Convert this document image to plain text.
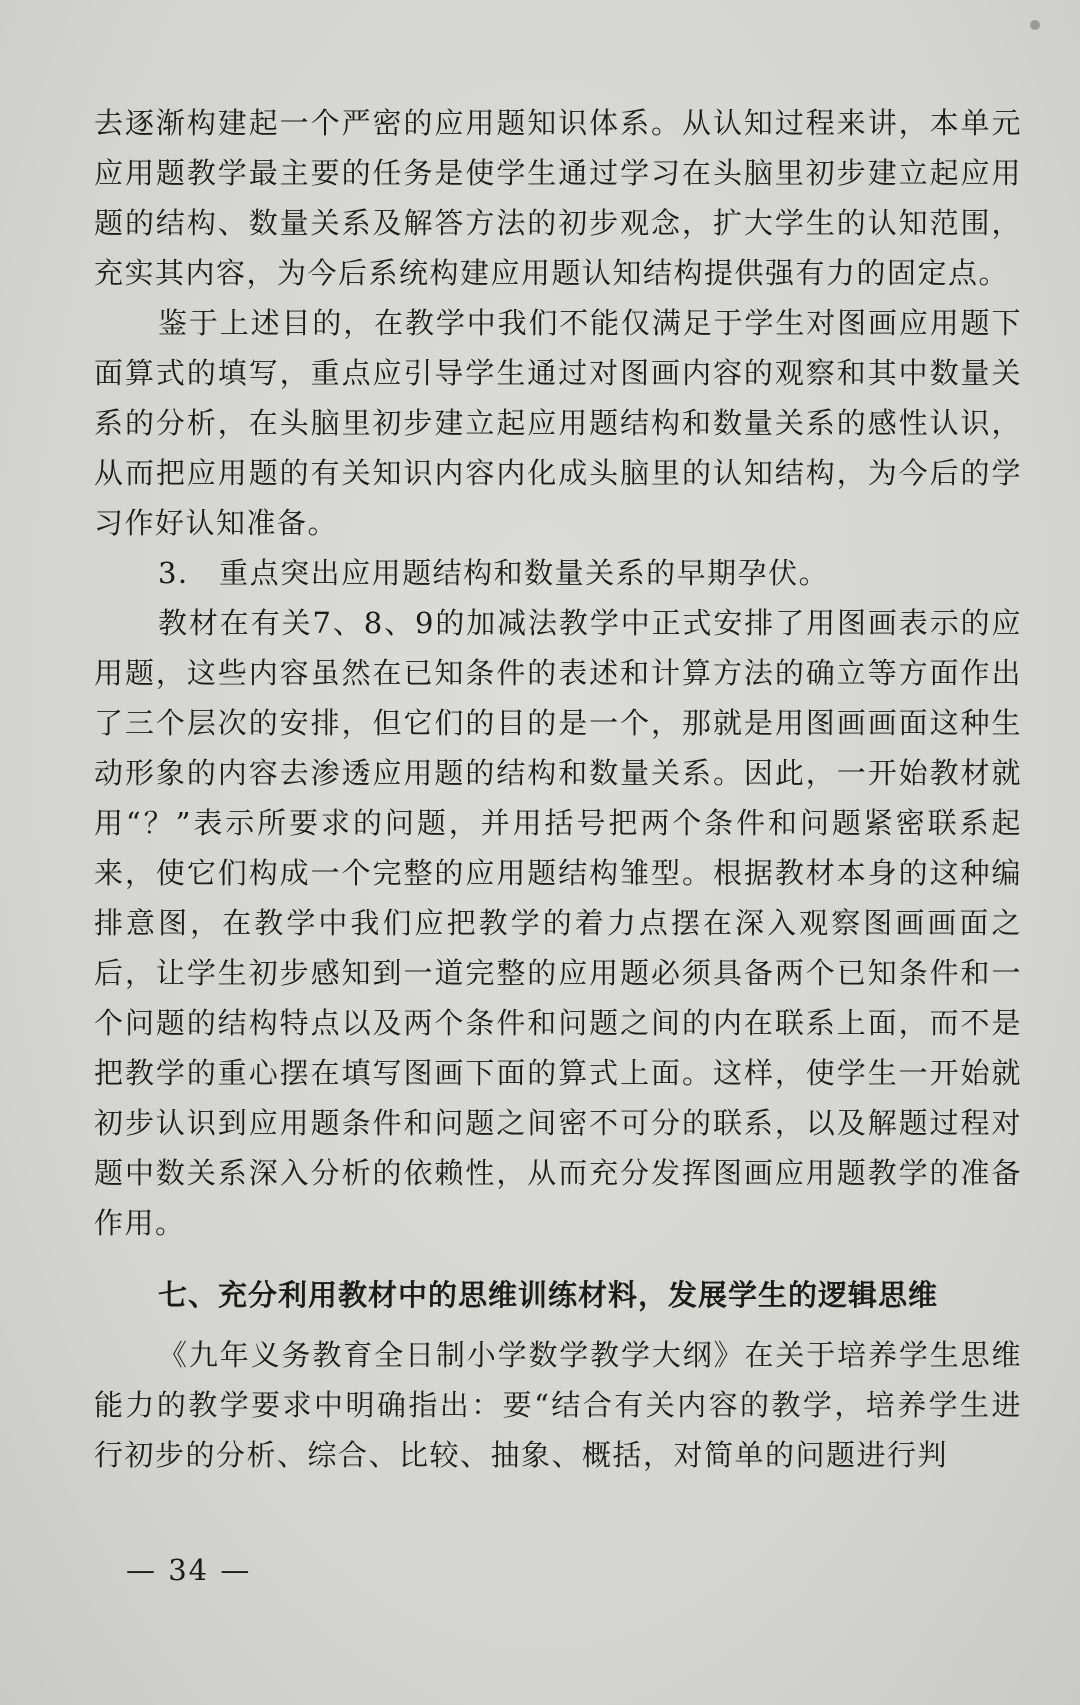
去逐渐构建起一个严密的应用题知识体系。从认知过程来讲，本单元应用题教学最主要的任务是使学生通过学习在头脑里初步建立起应用题的结构、数量关系及解答方法的初步观念，扩大学生的认知范围，充实其内容，为今后系统构建应用题认知结构提供强有力的固定点。

鉴于上述目的，在教学中我们不能仅满足于学生对图画应用题下面算式的填写，重点应引导学生通过对图画内容的观察和其中数量关系的分析，在头脑里初步建立起应用题结构和数量关系的感性认识，从而把应用题的有关知识内容内化成头脑里的认知结构，为今后的学习作好认知准备。

3． 重点突出应用题结构和数量关系的早期孕伏。

教材在有关7、8、9的加减法教学中正式安排了用图画表示的应用题，这些内容虽然在已知条件的表述和计算方法的确立等方面作出了三个层次的安排，但它们的目的是一个，那就是用图画画面这种生动形象的内容去渗透应用题的结构和数量关系。因此，一开始教材就用“？”表示所要求的问题，并用括号把两个条件和问题紧密联系起来，使它们构成一个完整的应用题结构雏型。根据教材本身的这种编排意图，在教学中我们应把教学的着力点摆在深入观察图画画面之后，让学生初步感知到一道完整的应用题必须具备两个已知条件和一个问题的结构特点以及两个条件和问题之间的内在联系上面，而不是把教学的重心摆在填写图画下面的算式上面。这样，使学生一开始就初步认识到应用题条件和问题之间密不可分的联系，以及解题过程对题中数关系深入分析的依赖性，从而充分发挥图画应用题教学的准备作用。

七、充分利用教材中的思维训练材料，发展学生的逻辑思维

《九年义务教育全日制小学数学教学大纲》在关于培养学生思维能力的教学要求中明确指出：要“结合有关内容的教学，培养学生进行初步的分析、综合、比较、抽象、概括，对简单的问题进行判

— 34 —
